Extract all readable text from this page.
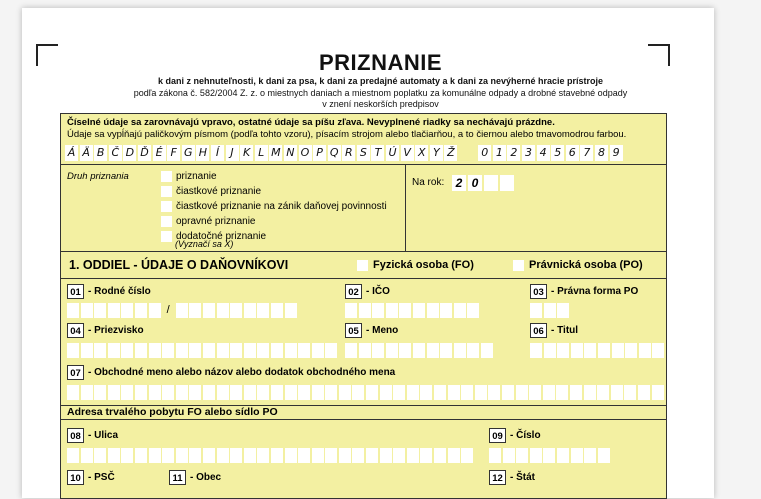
PRIZNANIE
k dani z nehnuteľnosti, k dani za psa, k dani za predajné automaty a k dani za nevýherné hracie prístroje
podľa zákona č. 582/2004 Z. z. o miestnych daniach a miestnom poplatku za komunálne odpady a drobné stavebné odpady
v znení neskorších predpisov
Číselné údaje sa zarovnávajú vpravo, ostatné údaje sa píšu zľava. Nevyplnené riadky sa nechávajú prázdne.
Údaje sa vypĺňajú paličkovým písmom (podľa tohto vzoru), písacím strojom alebo tlačiarňou, a to čiernou alebo tmavomodrou farbou.
Á Ä B Č D Ď É F G H Í	J K L M N O P Q R S T Ú V X Y Ž 0 1 2 3 4 5 6 7 8 9
Druh priznania	priznanie
čiastkové priznanie
čiastkové priznanie na zánik daňovej povinnosti
opravné priznanie
dodatočné priznanie
(Vyznačí sa X)
Na rok: 2 0
1. ODDIEL - ÚDAJE O DAŇOVNÍKOVI	Fyzická osoba (FO)	Právnická osoba (PO)
01 - Rodné číslo
/
02 - IČO	03 - Právna forma PO
04 - Priezvisko	05 - Meno	06 - Titul
07 - Obchodné meno alebo názov alebo dodatok obchodného mena
Adresa trvalého pobytu FO alebo sídlo PO
08 - Ulica	09 - Číslo
10 - PSČ	11 - Obec	12 - Štát
